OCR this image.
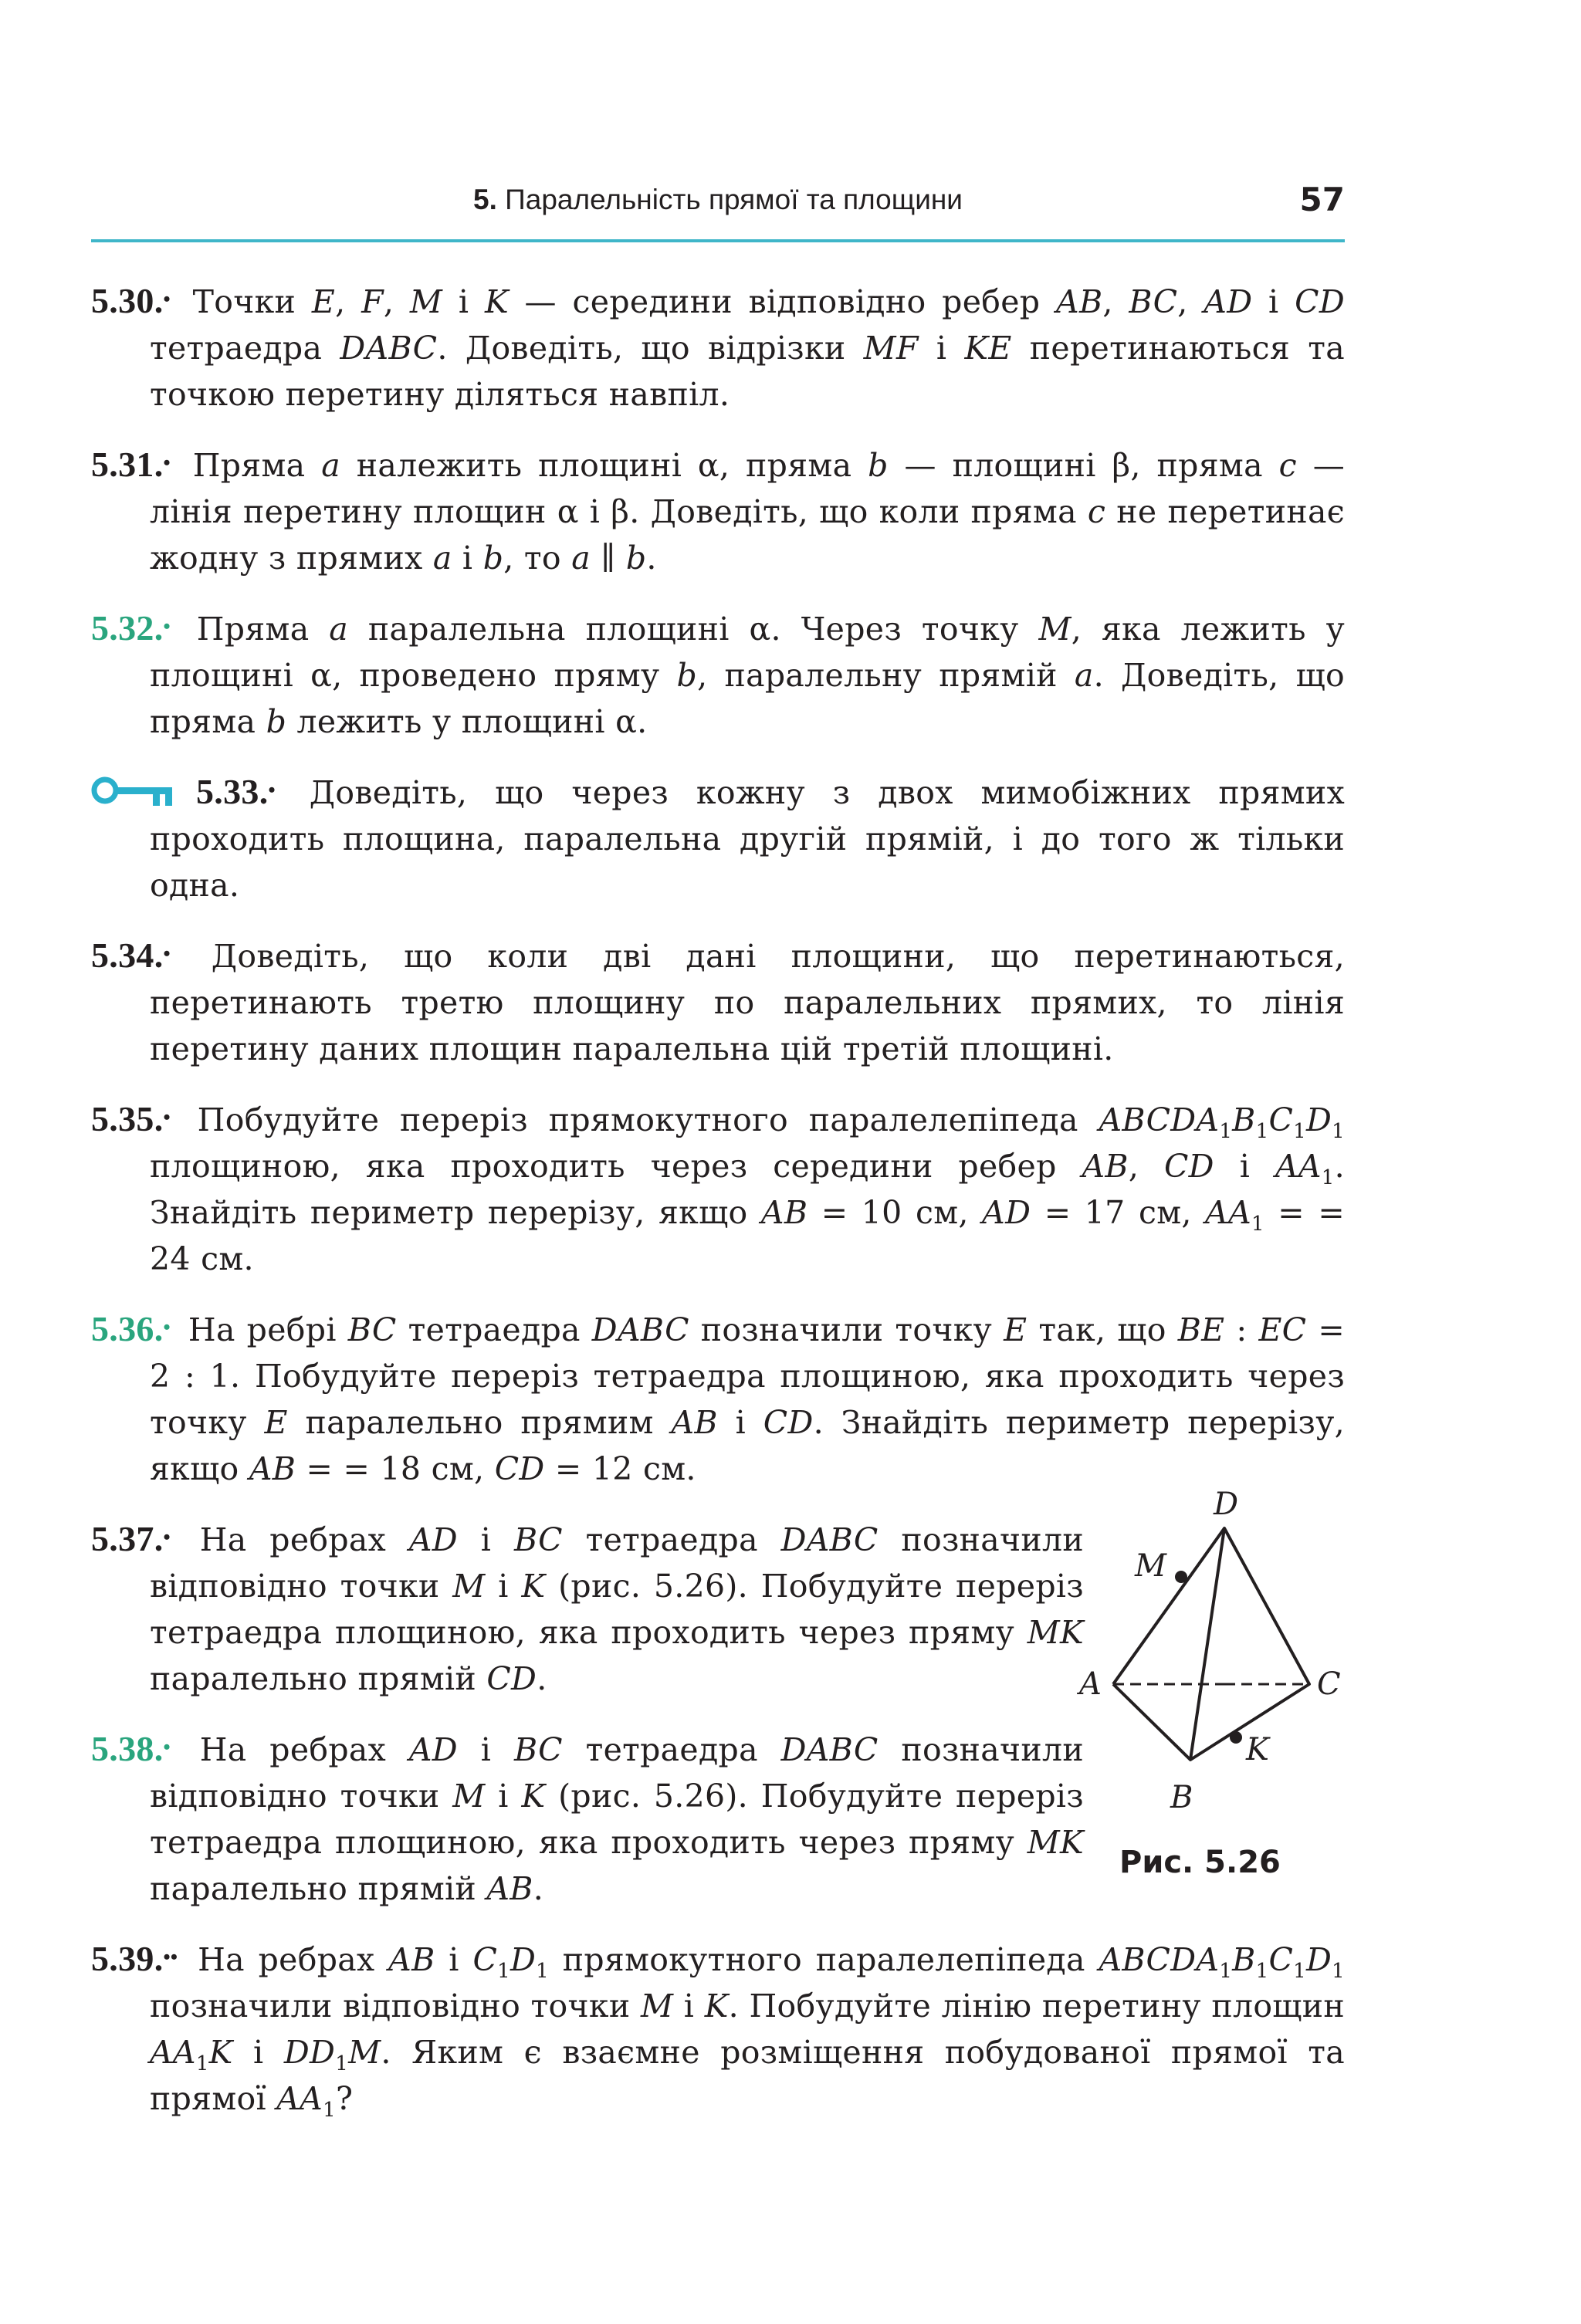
5. Паралельність прямої та площини	57

5.30.• Точки E, F, M і K — середини відповідно ребер AB, BC, AD і CD тетраедра DABC. Доведіть, що відрізки MF і KE перетинаються та точкою перетину діляться навпіл.

5.31.• Пряма a належить площині α, пряма b — площині β, пряма c — лінія перетину площин α і β. Доведіть, що коли пряма c не перетинає жодну з прямих a і b, то a ∥ b.

5.32.• Пряма a паралельна площині α. Через точку M, яка лежить у площині α, проведено пряму b, паралельну прямій a. Доведіть, що пряма b лежить у площині α.

5.33.• Доведіть, що через кожну з двох мимобіжних прямих проходить площина, паралельна другій прямій, і до того ж тільки одна.

5.34.• Доведіть, що коли дві дані площини, що перетинаються, перетинають третю площину по паралельних прямих, то лінія перетину даних площин паралельна цій третій площині.

5.35.• Побудуйте переріз прямокутного паралелепіпеда $ABCDA_1B_1C_1D_1$ площиною, яка проходить через середини ребер AB, CD і $AA_1$. Знайдіть периметр перерізу, якщо AB = 10 см, AD = 17 см, $AA_1$ = = 24 см.

5.36.• На ребрі BC тетраедра DABC позначили точку E так, що BE : EC = 2 : 1. Побудуйте переріз тетраедра площиною, яка проходить через точку E паралельно прямим AB і CD. Знайдіть периметр перерізу, якщо AB = = 18 см, CD = 12 см.

5.37.• На ребрах AD і BC тетраедра DABC позначили відповідно точки M і K (рис. 5.26). Побудуйте переріз тетраедра площиною, яка проходить через пряму MK паралельно прямій CD.

5.38.• На ребрах AD і BC тетраедра DABC позначили відповідно точки M і K (рис. 5.26). Побудуйте переріз тетраедра площиною, яка проходить через пряму MK паралельно прямій AB.

5.39.•• На ребрах AB і $C_1D_1$ прямокутного паралелепіпеда $ABCDA_1B_1C_1D_1$ позначили відповідно точки M і K. Побудуйте лінію перетину площин $AA_1K$ і $DD_1M$. Яким є взаємне розміщення побудованої прямої та прямої $AA_1$?

D
M
A	C
K
B
Рис. 5.26
